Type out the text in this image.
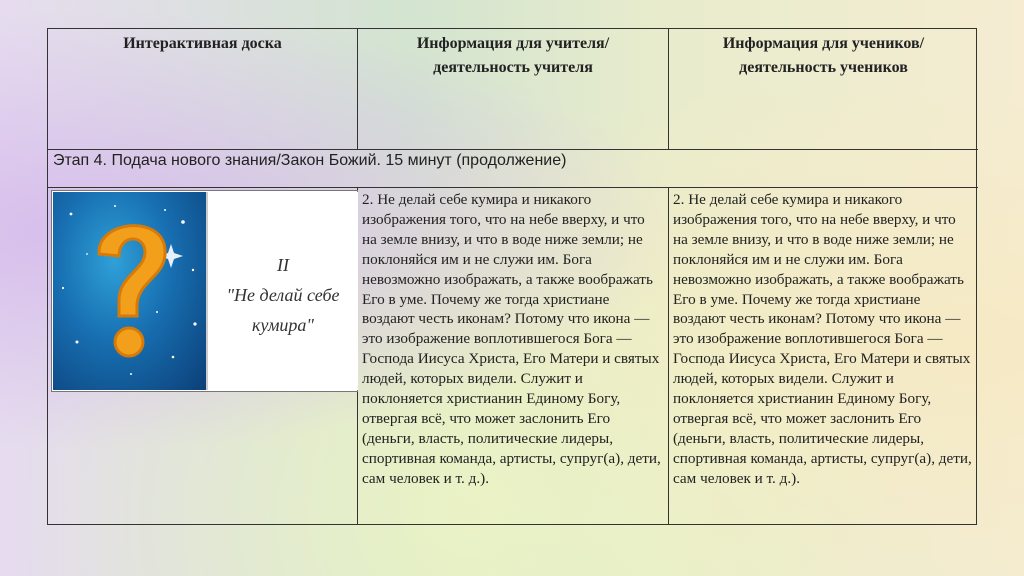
Интерактивная доска	Информация для учителя/
деятельность учителя
Информация для учеников/
деятельность учеников
Этап 4. Подача нового знания/Закон Божий. 15 минут (продолжение)
II
"Не делай себе
кумира"
2. Не делай себе кумира и никакого изображения того, что на небе вверху, и что на земле внизу, и что в воде ниже земли; не поклоняйся им и не служи им. Бога невозможно изображать, а также воображать Его в уме. Почему же тогда христиане воздают честь иконам? Потому что икона — это изображение воплотившегося Бога — Господа Иисуса Христа, Его Матери и святых людей, которых видели. Служит и поклоняется христианин Единому Богу, отвергая всё, что может заслонить Его (деньги, власть, политические лидеры, спортивная команда, артисты, супруг(а), дети, сам человек и т. д.).
2. Не делай себе кумира и никакого изображения того, что на небе вверху, и что на земле внизу, и что в воде ниже земли; не поклоняйся им и не служи им. Бога невозможно изображать, а также воображать Его в уме. Почему же тогда христиане воздают честь иконам? Потому что икона — это изображение воплотившегося Бога — Господа Иисуса Христа, Его Матери и святых людей, которых видели. Служит и поклоняется христианин Единому Богу, отвергая всё, что может заслонить Его (деньги, власть, политические лидеры, спортивная команда, артисты, супруг(а), дети, сам человек и т. д.).
